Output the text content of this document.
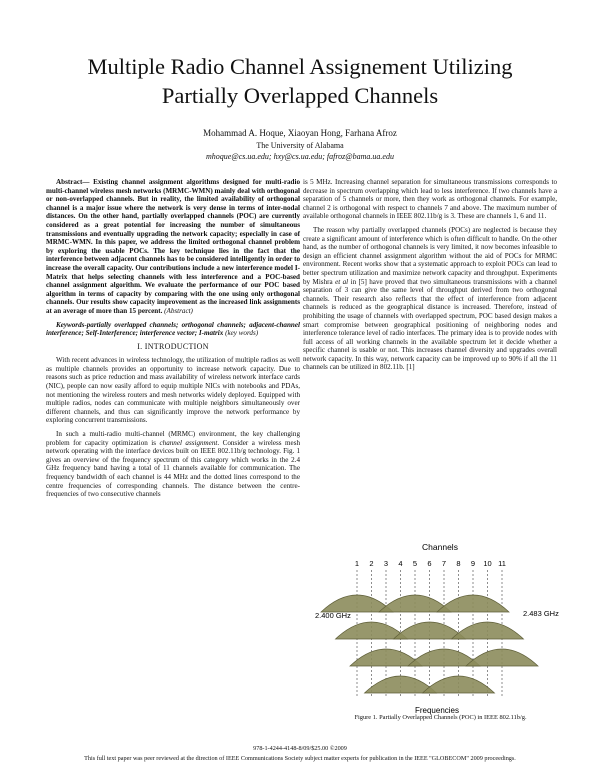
Multiple Radio Channel Assignement Utilizing
Partially Overlapped Channels
Mohammad A. Hoque, Xiaoyan Hong, Farhana Afroz
The University of Alabama
mhoque@cs.ua.edu; hxy@cs.ua.edu; fafroz@bama.ua.edu

Abstract— Existing channel assignment algorithms designed for multi-radio multi-channel wireless mesh networks (MRMC-WMN) mainly deal with orthogonal or non-overlapped channels. But in reality, the limited availability of orthogonal channel is a major issue where the network is very dense in terms of inter-nodal distances. On the other hand, partially overlapped channels (POC) are currently considered as a great potential for increasing the number of simultaneous transmissions and eventually upgrading the network capacity; especially in case of MRMC-WMN. In this paper, we address the limited orthogonal channel problem by exploring the usable POCs. The key technique lies in the fact that the interference between adjacent channels has to be considered intelligently in order to increase the overall capacity. Our contributions include a new interference model I-Matrix that helps selecting channels with less interference and a POC-based channel assignment algorithm. We evaluate the performance of our POC based algorithm in terms of capacity by comparing with the one using only orthogonal channels. Our results show capacity improvement as the increased link assignments at an average of more than 15 percent. (Abstract)

Keywords-partially overlapped channels; orthogonal channels; adjacent-channel interference; Self-Interference; interference vector; I-matrix (key words)

I. INTRODUCTION

With recent advances in wireless technology, the utilization of multiple radios as well as multiple channels provides an opportunity to increase network capacity. Due to reasons such as price reduction and mass availability of wireless network interface cards (NIC), people can now easily afford to equip multiple NICs with notebooks and PDAs, not mentioning the wireless routers and mesh networks widely deployed. Equipped with multiple radios, nodes can communicate with multiple neighbors simultaneously over different channels, and thus can significantly improve the network performance by exploring concurrent transmissions.

In such a multi-radio multi-channel (MRMC) environment, the key challenging problem for capacity optimization is channel assignment. Consider a wireless mesh network operating with the interface devices built on IEEE 802.11b/g technology. Fig. 1 gives an overview of the frequency spectrum of this category which works in the 2.4 GHz frequency band having a total of 11 channels available for communication. The frequency bandwidth of each channel is 44 MHz and the dotted lines correspond to the centre frequencies of corresponding channels. The distance between the centre-frequencies of two consecutive channels

is 5 MHz. Increasing channel separation for simultaneous transmissions corresponds to decrease in spectrum overlapping which lead to less interference. If two channels have a separation of 5 channels or more, then they work as orthogonal channels. For example, channel 2 is orthogonal with respect to channels 7 and above. The maximum number of available orthogonal channels in IEEE 802.11b/g is 3. These are channels 1, 6 and 11.

The reason why partially overlapped channels (POCs) are neglected is because they create a significant amount of interference which is often difficult to handle. On the other hand, as the number of orthogonal channels is very limited, it now becomes infeasible to design an efficient channel assignment algorithm without the aid of POCs for MRMC environment. Recent works show that a systematic approach to exploit POCs can lead to better spectrum utilization and maximize network capacity and throughput. Experiments by Mishra et al in [5] have proved that two simultaneous transmissions with a channel separation of 3 can give the same level of throughput derived from two orthogonal channels. Their research also reflects that the effect of interference from adjacent channels is reduced as the geographical distance is increased. Therefore, instead of prohibiting the usage of channels with overlapped spectrum, POC based design makes a smart compromise between geographical positioning of neighboring nodes and interference tolerance level of radio interfaces. The primary idea is to provide nodes with full access of all working channels in the available spectrum let it decide whether a specific channel is usable or not. This increases channel diversity and upgrades overall network capacity. In this way, network capacity can be improved up to 90% if all the 11 channels can be utilized in 802.11b. [1]

Channels
1 2 3 4 5 6 7 8 9 10 11
2.400 GHz	2.483 GHz
Frequencies
Figure 1. Partially Overlapped Channels (POC) in IEEE 802.11b/g.
978-1-4244-4148-8/09/$25.00 ©2009
This full text paper was peer reviewed at the direction of IEEE Communications Society subject matter experts for publication in the IEEE "GLOBECOM" 2009 proceedings.
